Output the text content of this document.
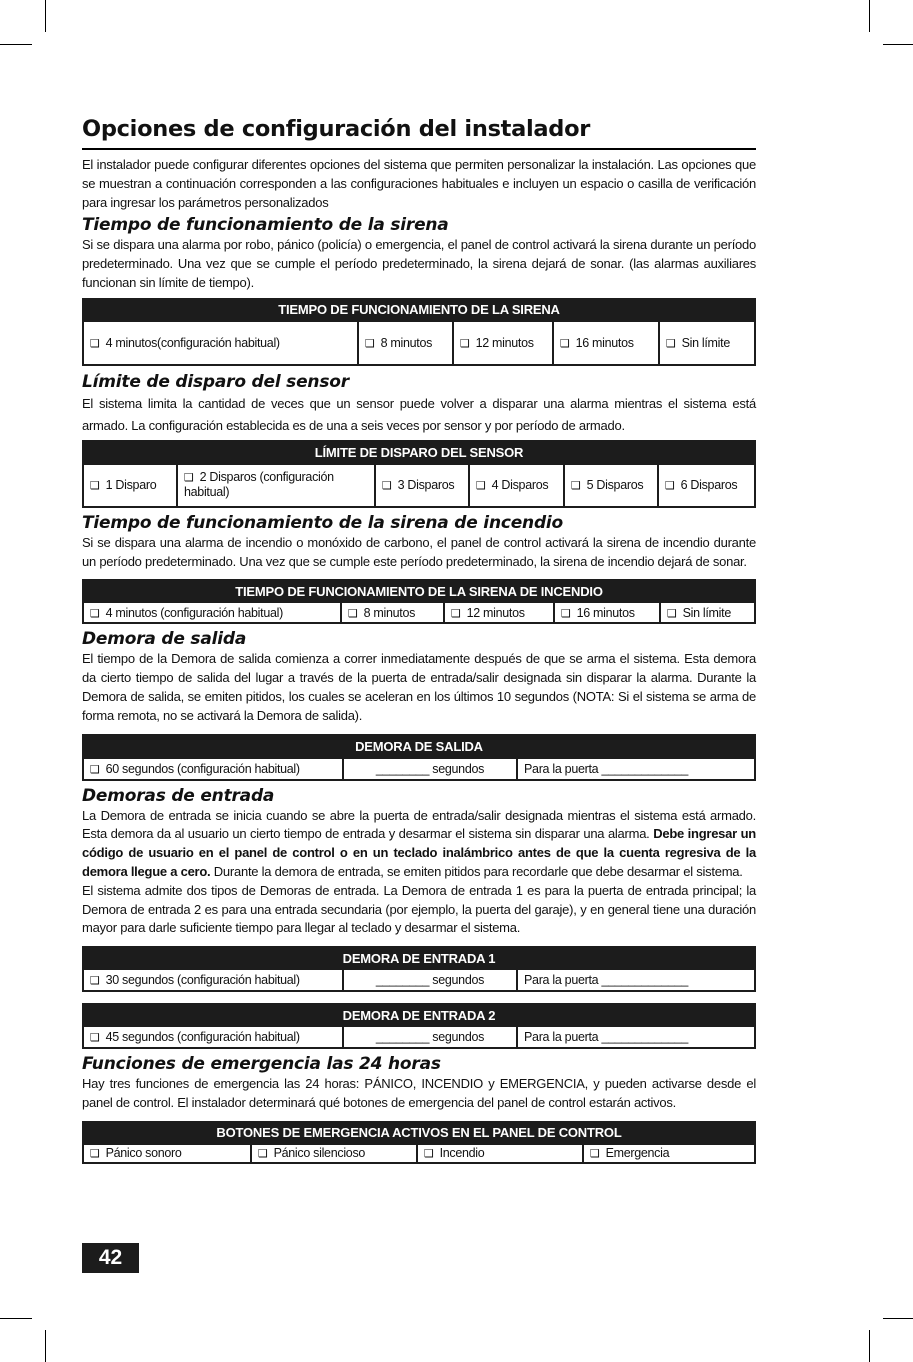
Opciones de configuración del instalador

El instalador puede configurar diferentes opciones del sistema que permiten personalizar la instalación. Las opciones que se muestran a continuación corresponden a las configuraciones habituales e incluyen un espacio o casilla de verificación para ingresar los parámetros personalizados

Tiempo de funcionamiento de la sirena

Si se dispara una alarma por robo, pánico (policía) o emergencia, el panel de control activará la sirena durante un período predeterminado. Una vez que se cumple el período predeterminado, la sirena dejará de sonar. (las alarmas auxiliares funcionan sin límite de tiempo).

TIEMPO DE FUNCIONAMIENTO DE LA SIRENA
❑ 4 minutos(configuración habitual)	❑ 8 minutos	❑ 12 minutos	❑ 16 minutos	❑ Sin límite
Límite de disparo del sensor

El sistema limita la cantidad de veces que un sensor puede volver a disparar una alarma mientras el sistema está armado. La configuración establecida es de una a seis veces por sensor y por período de armado.

LÍMITE DE DISPARO DEL SENSOR
❑ 1 Disparo	❑ 2 Disparos (configuración habitual)	❑ 3 Disparos	❑ 4 Disparos	❑ 5 Disparos	❑ 6 Disparos
Tiempo de funcionamiento de la sirena de incendio

Si se dispara una alarma de incendio o monóxido de carbono, el panel de control activará la sirena de incendio durante un período predeterminado. Una vez que se cumple este período predeterminado, la sirena de incendio dejará de sonar.

TIEMPO DE FUNCIONAMIENTO DE LA SIRENA DE INCENDIO
❑ 4 minutos (configuración habitual)	❑ 8 minutos	❑ 12 minutos	❑ 16 minutos	❑ Sin límite
Demora de salida

El tiempo de la Demora de salida comienza a correr inmediatamente después de que se arma el sistema. Esta demora da cierto tiempo de salida del lugar a través de la puerta de entrada/salir designada sin disparar la alarma. Durante la Demora de salida, se emiten pitidos, los cuales se aceleran en los últimos 10 segundos (NOTA: Si el sistema se arma de forma remota, no se activará la Demora de salida).

DEMORA DE SALIDA
❑ 60 segundos (configuración habitual)	________ segundos	Para la puerta _____________
Demoras de entrada

La Demora de entrada se inicia cuando se abre la puerta de entrada/salir designada mientras el sistema está armado. Esta demora da al usuario un cierto tiempo de entrada y desarmar el sistema sin disparar una alarma. Debe ingresar un código de usuario en el panel de control o en un teclado inalámbrico antes de que la cuenta regresiva de la demora llegue a cero. Durante la demora de entrada, se emiten pitidos para recordarle que debe desarmar el sistema.

El sistema admite dos tipos de Demoras de entrada. La Demora de entrada 1 es para la puerta de entrada principal; la Demora de entrada 2 es para una entrada secundaria (por ejemplo, la puerta del garaje), y en general tiene una duración mayor para darle suficiente tiempo para llegar al teclado y desarmar el sistema.

DEMORA DE ENTRADA 1
❑ 30 segundos (configuración habitual)	________ segundos	Para la puerta _____________
DEMORA DE ENTRADA 2
❑ 45 segundos (configuración habitual)	________ segundos	Para la puerta _____________
Funciones de emergencia las 24 horas

Hay tres funciones de emergencia las 24 horas: PÁNICO, INCENDIO y EMERGENCIA, y pueden activarse desde el panel de control. El instalador determinará qué botones de emergencia del panel de control estarán activos.

BOTONES DE EMERGENCIA ACTIVOS EN EL PANEL DE CONTROL
❑ Pánico sonoro	❑ Pánico silencioso	❑ Incendio	❑ Emergencia
42
